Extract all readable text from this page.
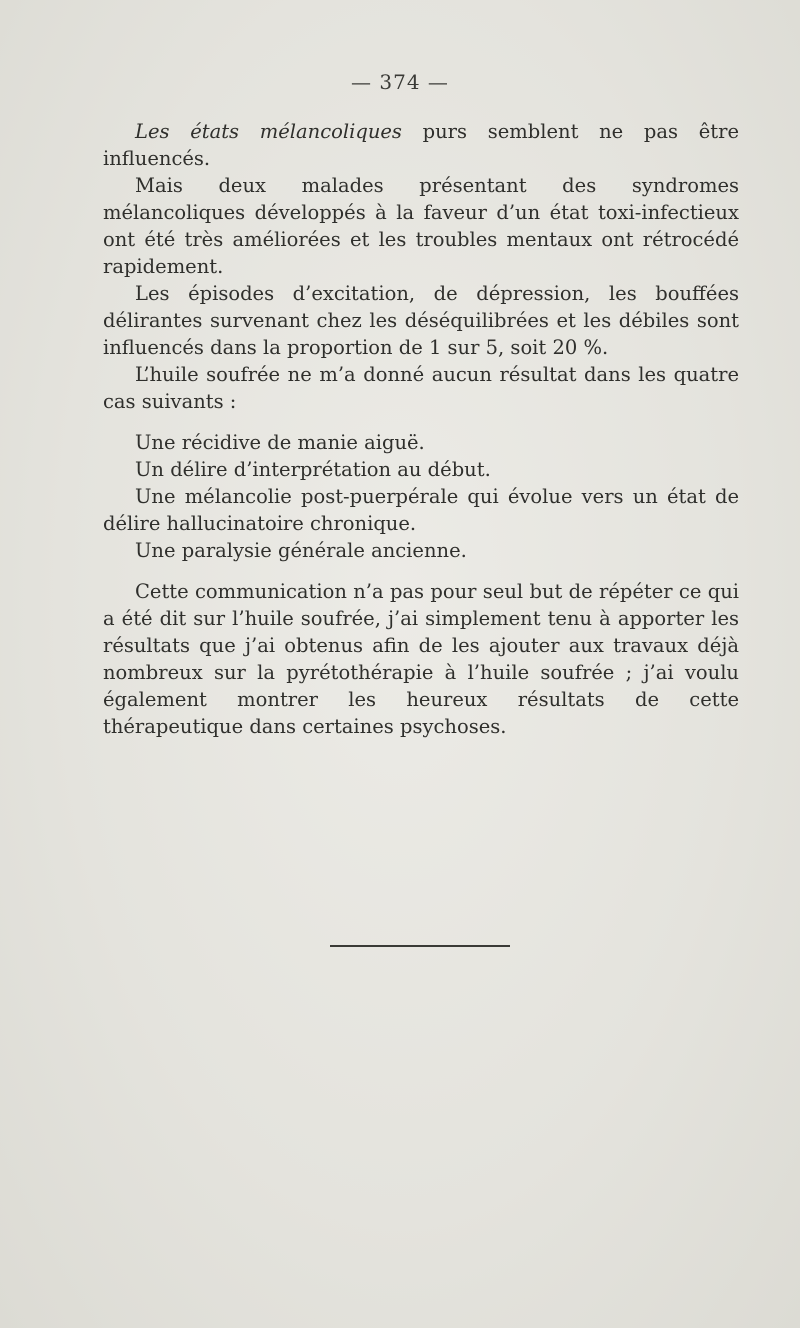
— 374 —

Les états mélancoliques purs semblent ne pas être influencés.

Mais deux malades présentant des syndromes mélancoliques développés à la faveur d’un état toxi-infectieux ont été très améliorées et les troubles mentaux ont rétrocédé rapidement.

Les épisodes d’excitation, de dépression, les bouffées délirantes survenant chez les déséquilibrées et les débiles sont influencés dans la proportion de 1 sur 5, soit 20 %.

L’huile soufrée ne m’a donné aucun résultat dans les quatre cas suivants :

Une récidive de manie aiguë.

Un délire d’interprétation au début.

Une mélancolie post-puerpérale qui évolue vers un état de délire hallucinatoire chronique.

Une paralysie générale ancienne.

Cette communication n’a pas pour seul but de répéter ce qui a été dit sur l’huile soufrée, j’ai simplement tenu à apporter les résultats que j’ai obtenus afin de les ajouter aux travaux déjà nombreux sur la pyrétothérapie à l’huile soufrée ; j’ai voulu également montrer les heureux résultats de cette thérapeutique dans certaines psychoses.
